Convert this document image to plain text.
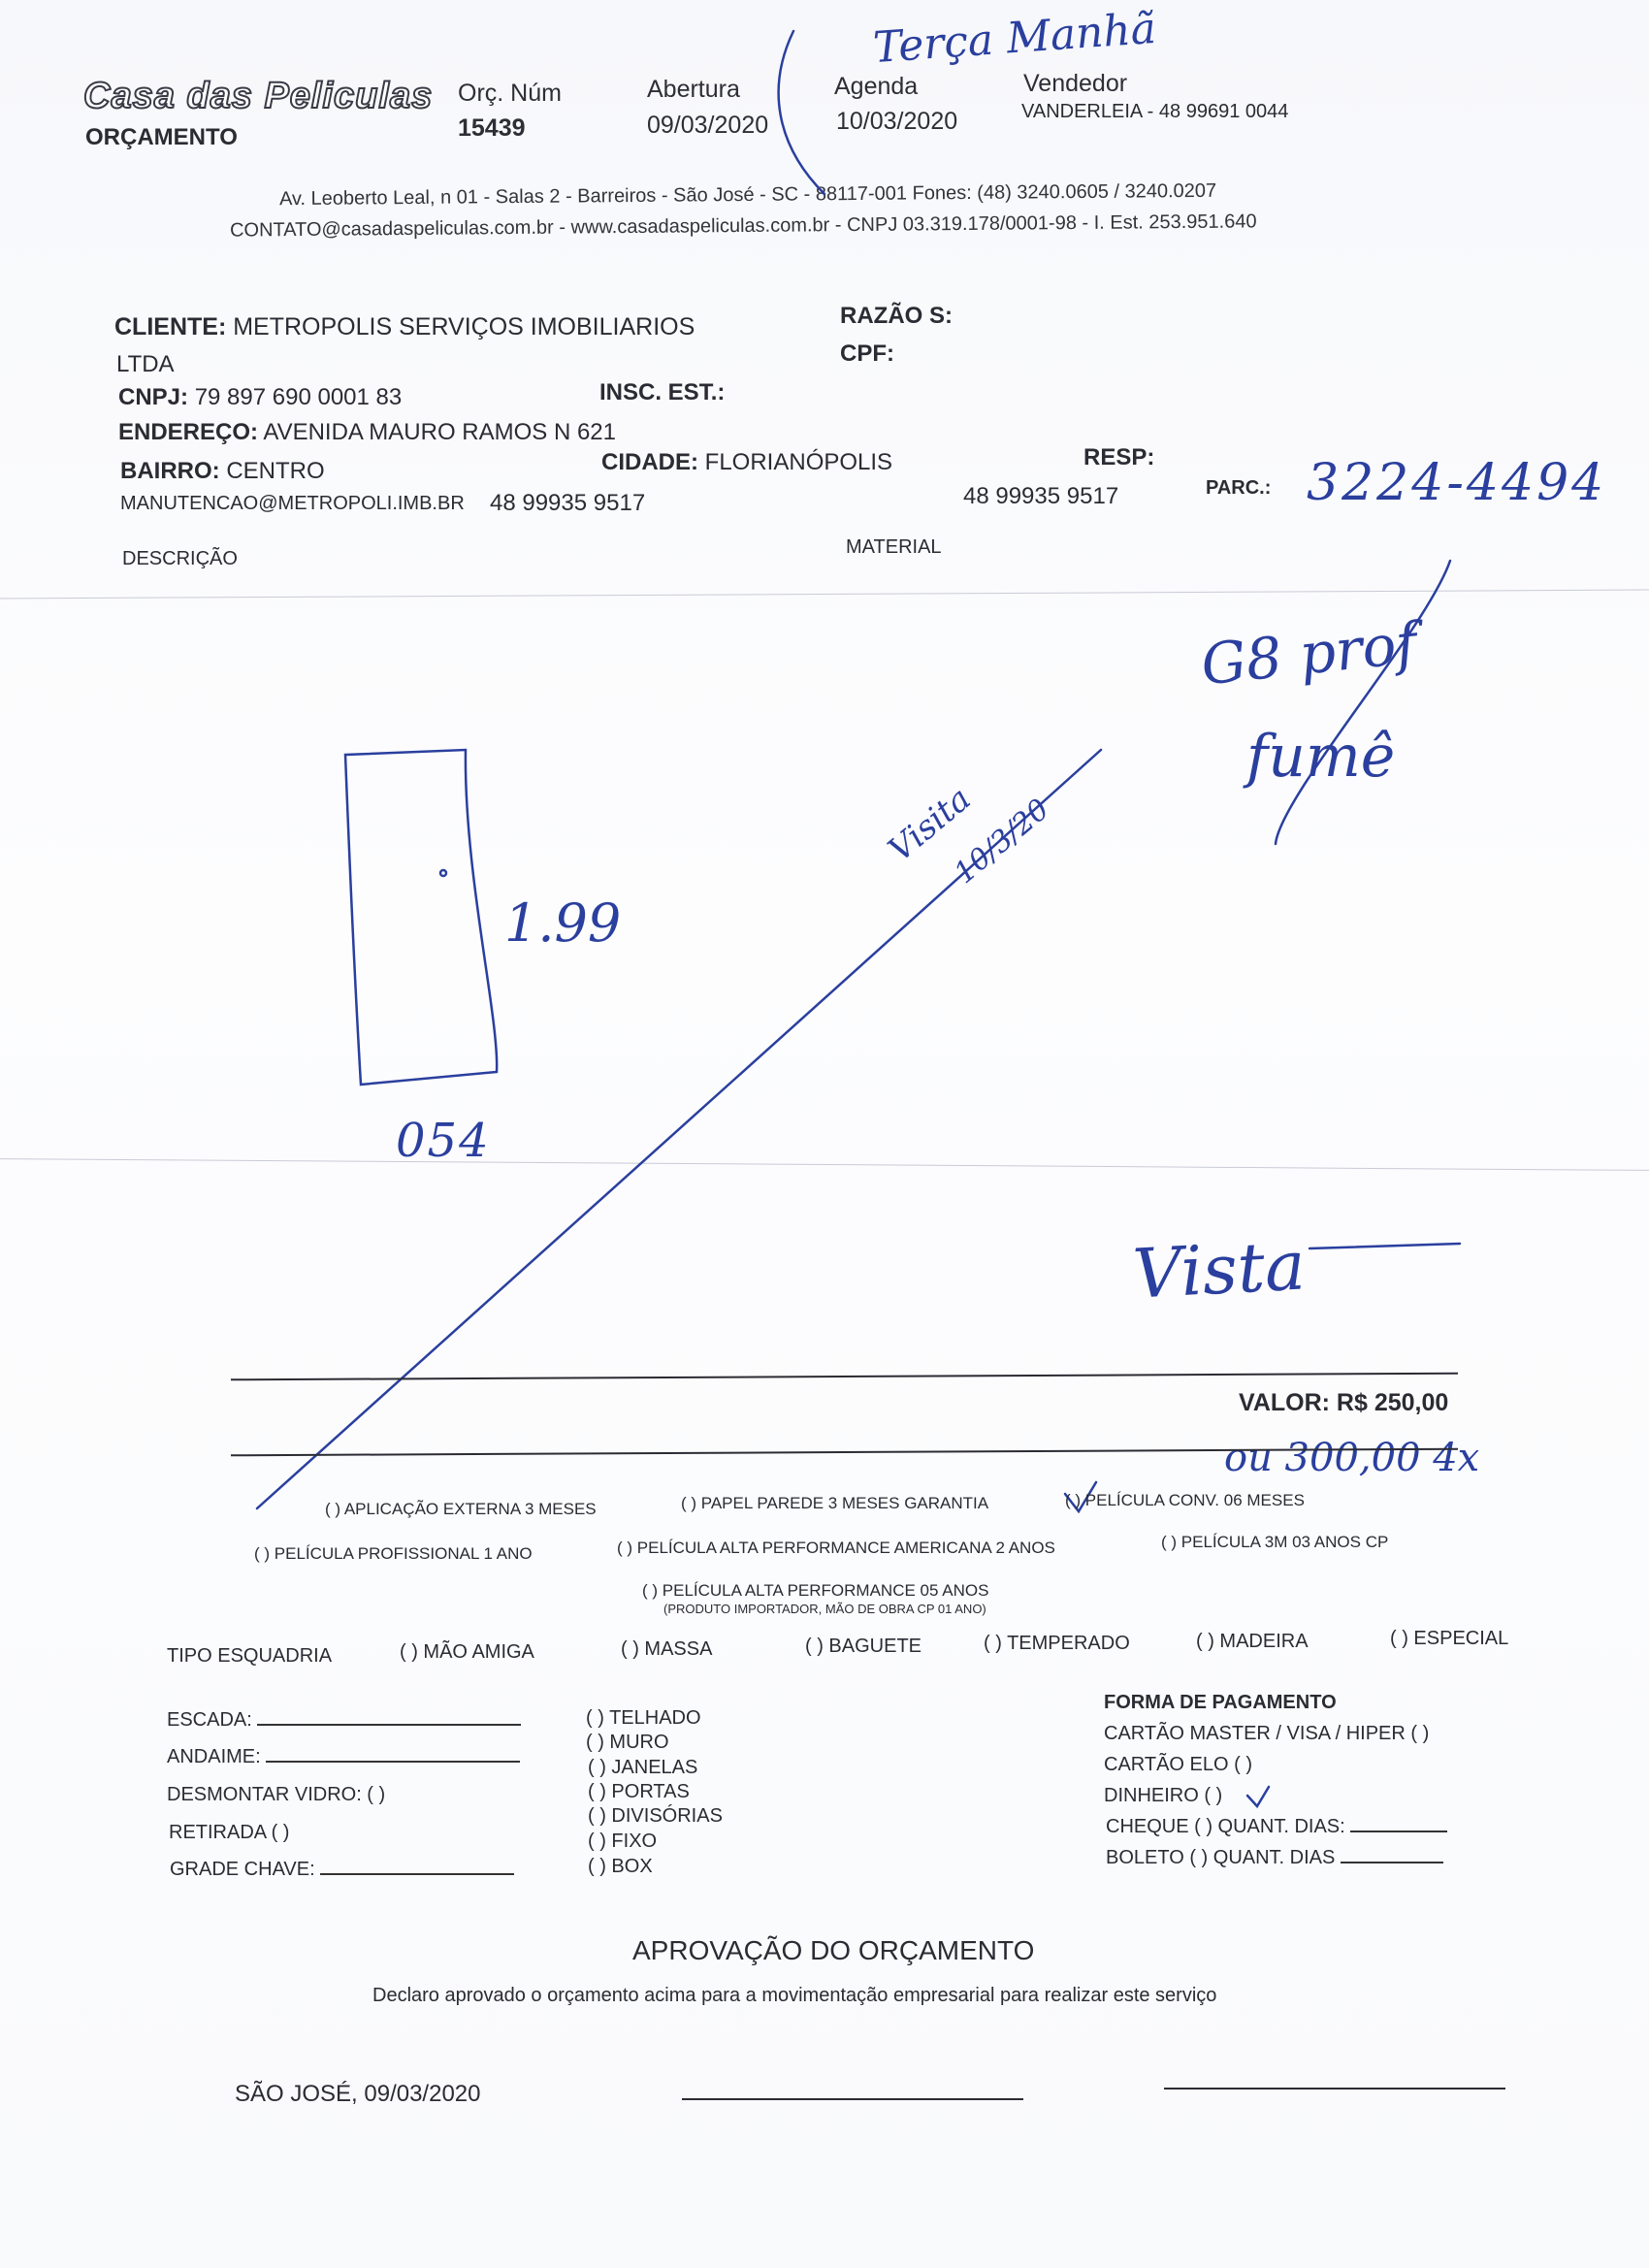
Casa das Peliculas
ORÇAMENTO
Orç. Núm
15439
Abertura
09/03/2020
Agenda
10/03/2020
Vendedor
VANDERLEIA - 48 99691 0044
Av. Leoberto Leal, n 01 - Salas 2 - Barreiros - São José - SC - 88117-001 Fones: (48) 3240.0605 / 3240.0207
CONTATO@casadaspeliculas.com.br - www.casadaspeliculas.com.br - CNPJ 03.319.178/0001-98 - I. Est. 253.951.640
CLIENTE: METROPOLIS SERVIÇOS IMOBILIARIOS
LTDA
RAZÃO S:
CPF:
CNPJ: 79 897 690 0001 83	INSC. EST.:
ENDEREÇO: AVENIDA MAURO RAMOS N 621
BAIRRO: CENTRO	CIDADE: FLORIANÓPOLIS	RESP:
MANUTENCAO@METROPOLI.IMB.BR 48 99935 9517	48 99935 9517	PARC.:
DESCRIÇÃO
MATERIAL
Terça Manhã
3224-4494
G8 prof
fumê
1.99
054
Visita
10/3/20
Vista
ou 300,00 4x
VALOR: R$ 250,00
( ) APLICAÇÃO EXTERNA 3 MESES	( ) PAPEL PAREDE 3 MESES GARANTIA	( ) PELÍCULA CONV. 06 MESES
( ) PELÍCULA PROFISSIONAL 1 ANO	( ) PELÍCULA ALTA PERFORMANCE AMERICANA 2 ANOS	( ) PELÍCULA 3M 03 ANOS CP
( ) PELÍCULA ALTA PERFORMANCE 05 ANOS
(PRODUTO IMPORTADOR, MÃO DE OBRA CP 01 ANO)
TIPO ESQUADRIA	( ) MÃO AMIGA	( ) MASSA	( ) BAGUETE	( ) TEMPERADO	( ) MADEIRA	( ) ESPECIAL
ESCADA:
ANDAIME:
DESMONTAR VIDRO: ( )
RETIRADA ( )
GRADE CHAVE:
( ) TELHADO
( ) MURO
( ) JANELAS
( ) PORTAS
( ) DIVISÓRIAS
( ) FIXO
( ) BOX
FORMA DE PAGAMENTO
CARTÃO MASTER / VISA / HIPER ( )
CARTÃO ELO ( )
DINHEIRO ( )
CHEQUE ( ) QUANT. DIAS:
BOLETO ( ) QUANT. DIAS
APROVAÇÃO DO ORÇAMENTO
Declaro aprovado o orçamento acima para a movimentação empresarial para realizar este serviço
SÃO JOSÉ, 09/03/2020
